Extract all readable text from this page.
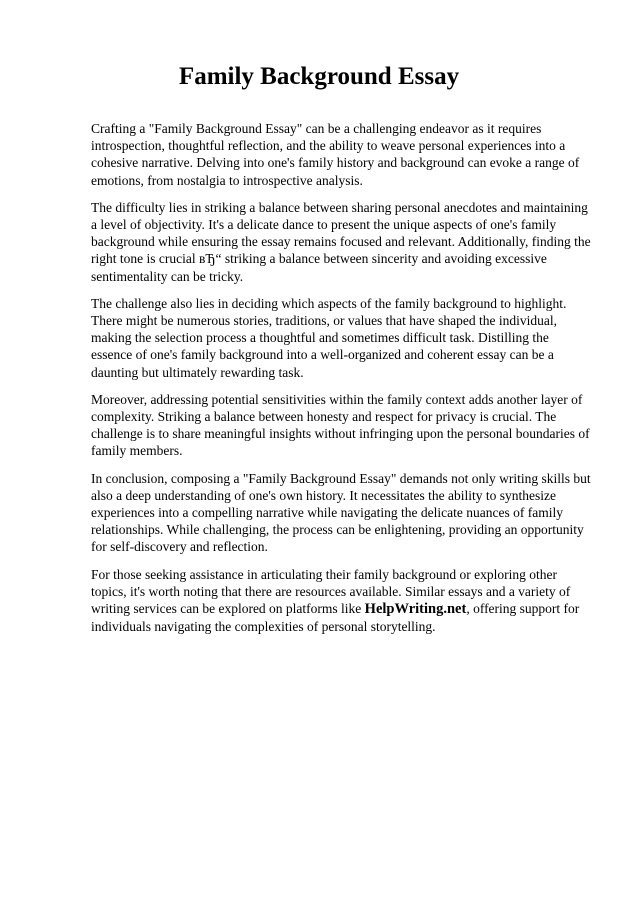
Family Background Essay

Crafting a "Family Background Essay" can be a challenging endeavor as it requires introspection, thoughtful reflection, and the ability to weave personal experiences into a cohesive narrative. Delving into one's family history and background can evoke a range of emotions, from nostalgia to introspective analysis.

The difficulty lies in striking a balance between sharing personal anecdotes and maintaining a level of objectivity. It's a delicate dance to present the unique aspects of one's family background while ensuring the essay remains focused and relevant. Additionally, finding the right tone is crucial вЂ“ striking a balance between sincerity and avoiding excessive sentimentality can be tricky.

The challenge also lies in deciding which aspects of the family background to highlight. There might be numerous stories, traditions, or values that have shaped the individual, making the selection process a thoughtful and sometimes difficult task. Distilling the essence of one's family background into a well-organized and coherent essay can be a daunting but ultimately rewarding task.

Moreover, addressing potential sensitivities within the family context adds another layer of complexity. Striking a balance between honesty and respect for privacy is crucial. The challenge is to share meaningful insights without infringing upon the personal boundaries of family members.

In conclusion, composing a "Family Background Essay" demands not only writing skills but also a deep understanding of one's own history. It necessitates the ability to synthesize experiences into a compelling narrative while navigating the delicate nuances of family relationships. While challenging, the process can be enlightening, providing an opportunity for self-discovery and reflection.

For those seeking assistance in articulating their family background or exploring other topics, it's worth noting that there are resources available. Similar essays and a variety of writing services can be explored on platforms like HelpWriting.net, offering support for individuals navigating the complexities of personal storytelling.
